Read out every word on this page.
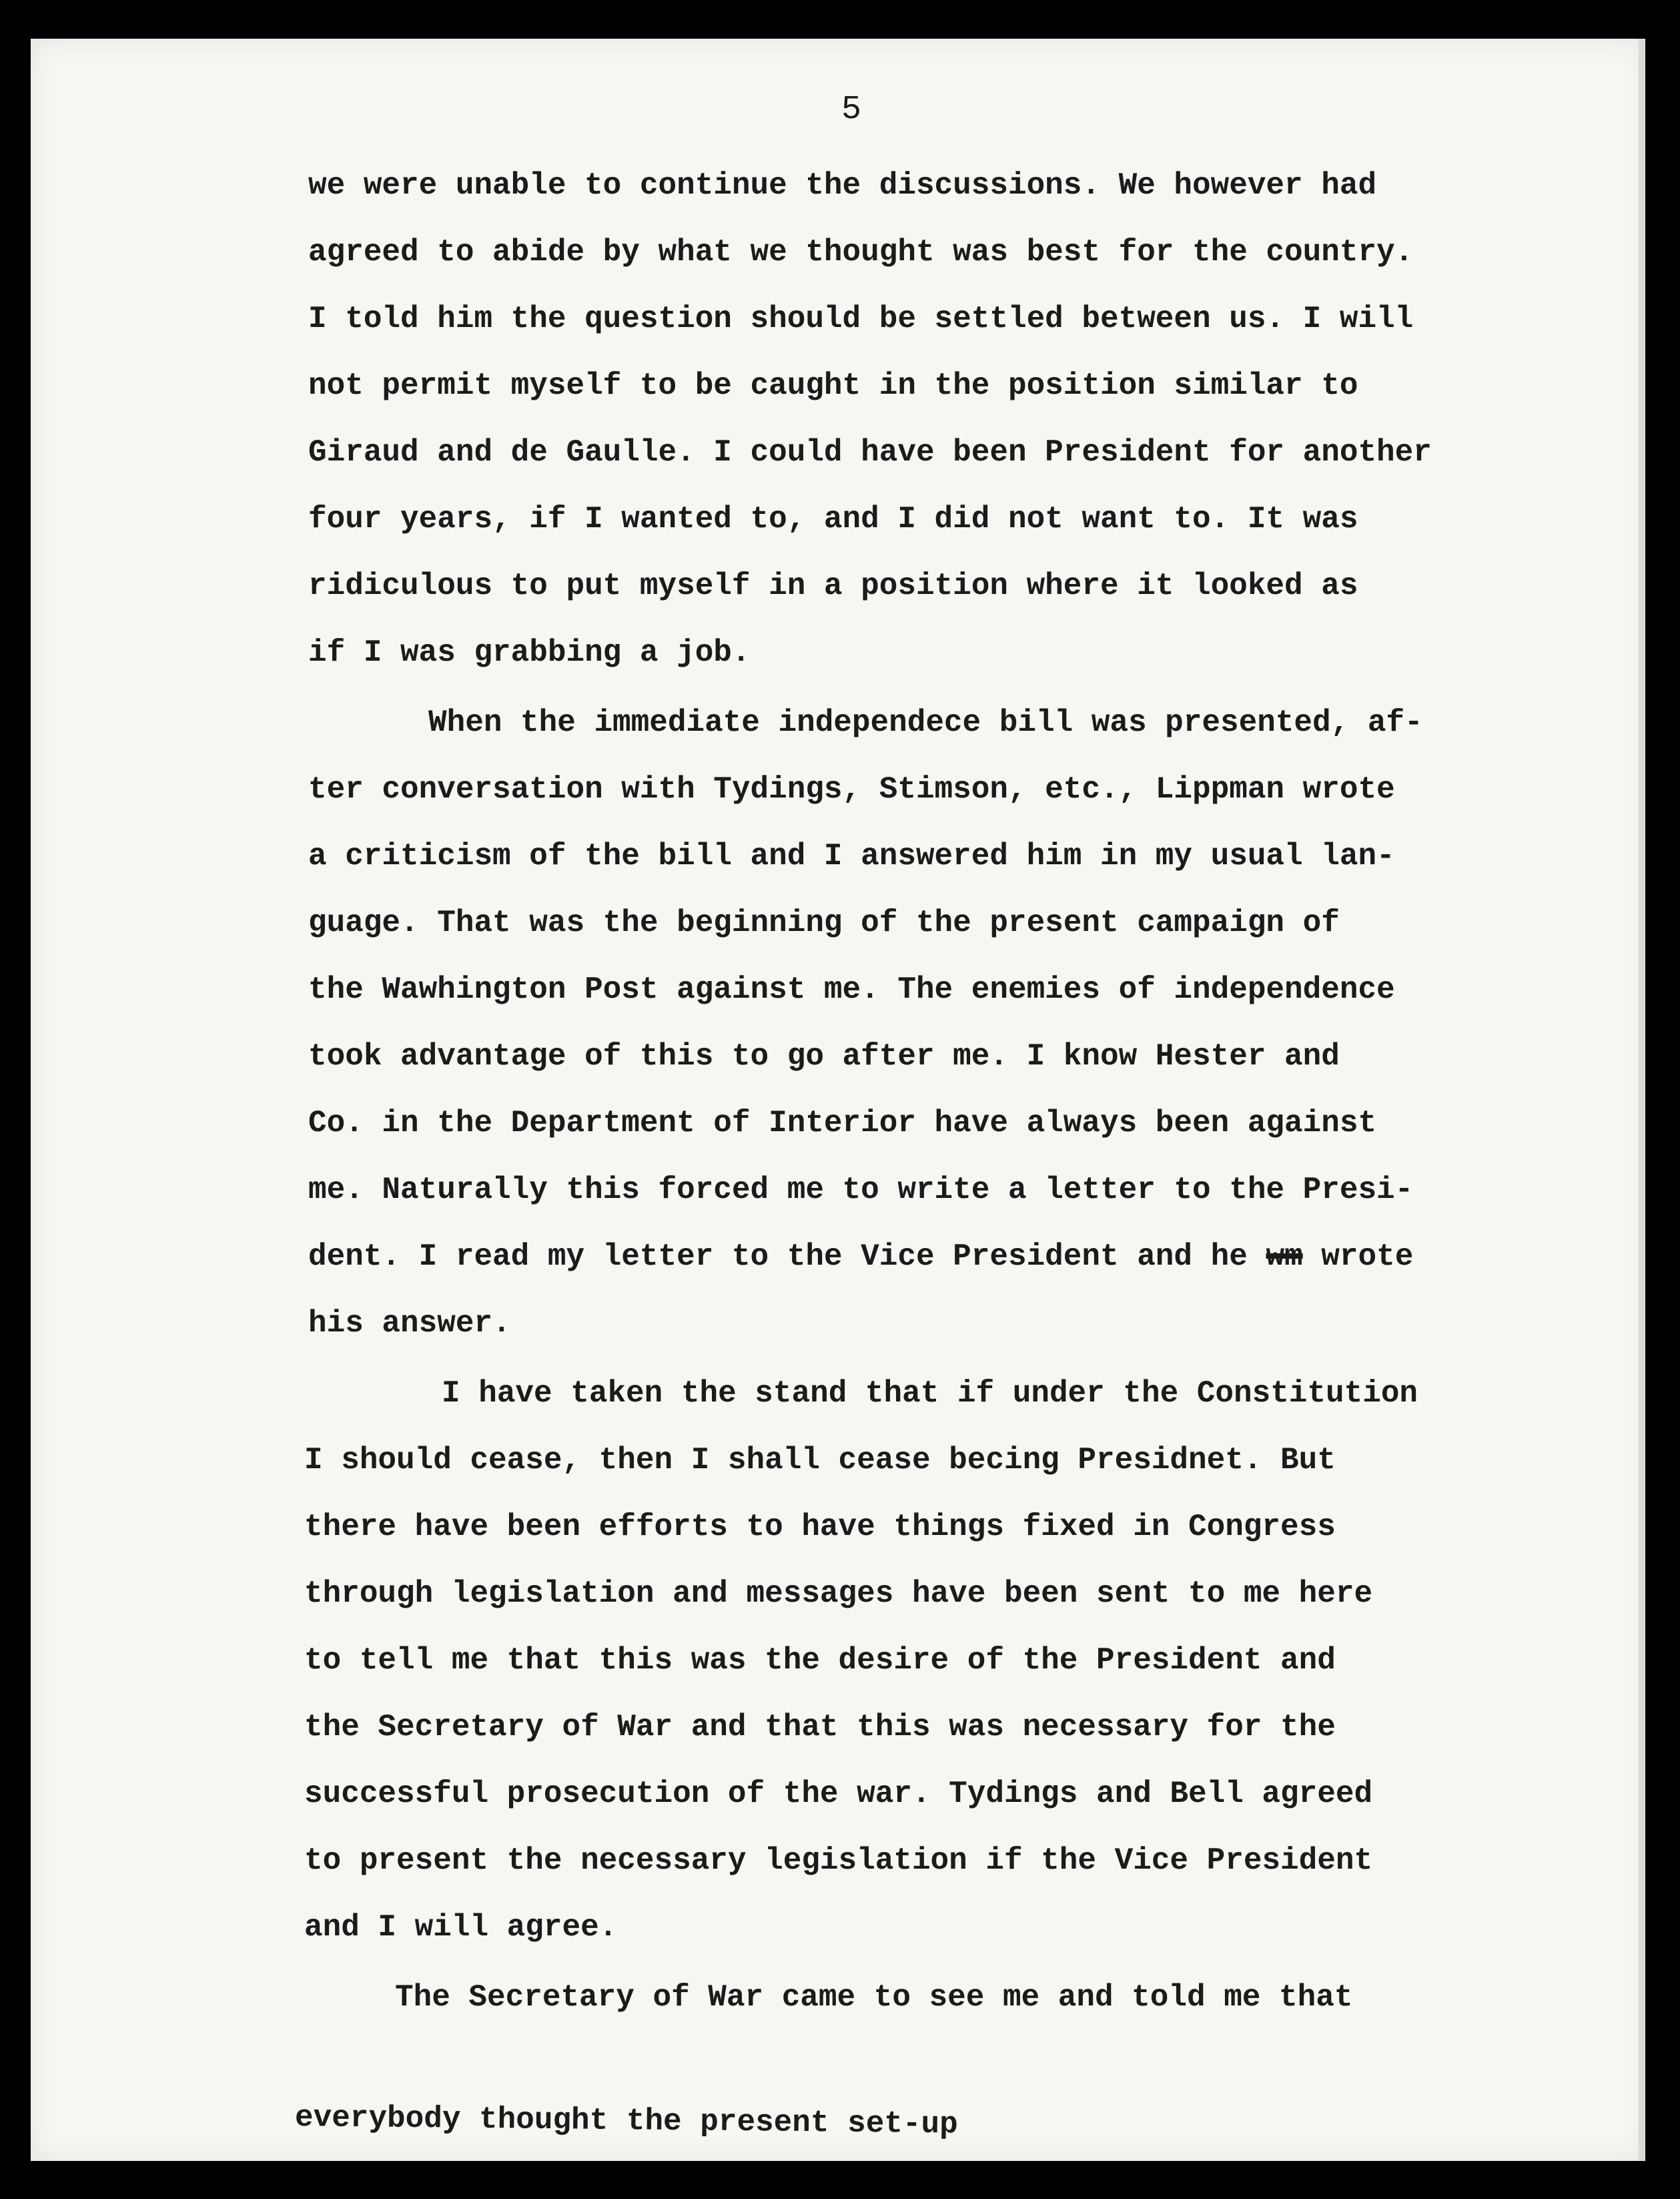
5

we were unable to continue the discussions. We however had

agreed to abide by what we thought was best for the country.

I told him the question should be settled between us. I will

not permit myself to be caught in the position similar to

Giraud and de Gaulle. I could have been President for another

four years, if I wanted to, and I did not want to. It was

ridiculous to put myself in a position where it looked as

if I was grabbing a job.

When the immediate independece bill was presented, af-

ter conversation with Tydings, Stimson, etc., Lippman wrote

a criticism of the bill and I answered him in my usual lan-

guage. That was the beginning of the present campaign of

the Wawhington Post against me. The enemies of independence

took advantage of this to go after me. I know Hester and

Co. in the Department of Interior have always been against

me. Naturally this forced me to write a letter to the Presi-

dent. I read my letter to the Vice President and he wm wrote

his answer.

I have taken the stand that if under the Constitution

I should cease, then I shall cease becing Presidnet. But

there have been efforts to have things fixed in Congress

through legislation and messages have been sent to me here

to tell me that this was the desire of the President and

the Secretary of War and that this was necessary for the

successful prosecution of the war. Tydings and Bell agreed

to present the necessary legislation if the Vice President

and I will agree.

The Secretary of War came to see me and told me that

everybody thought the present set-up
